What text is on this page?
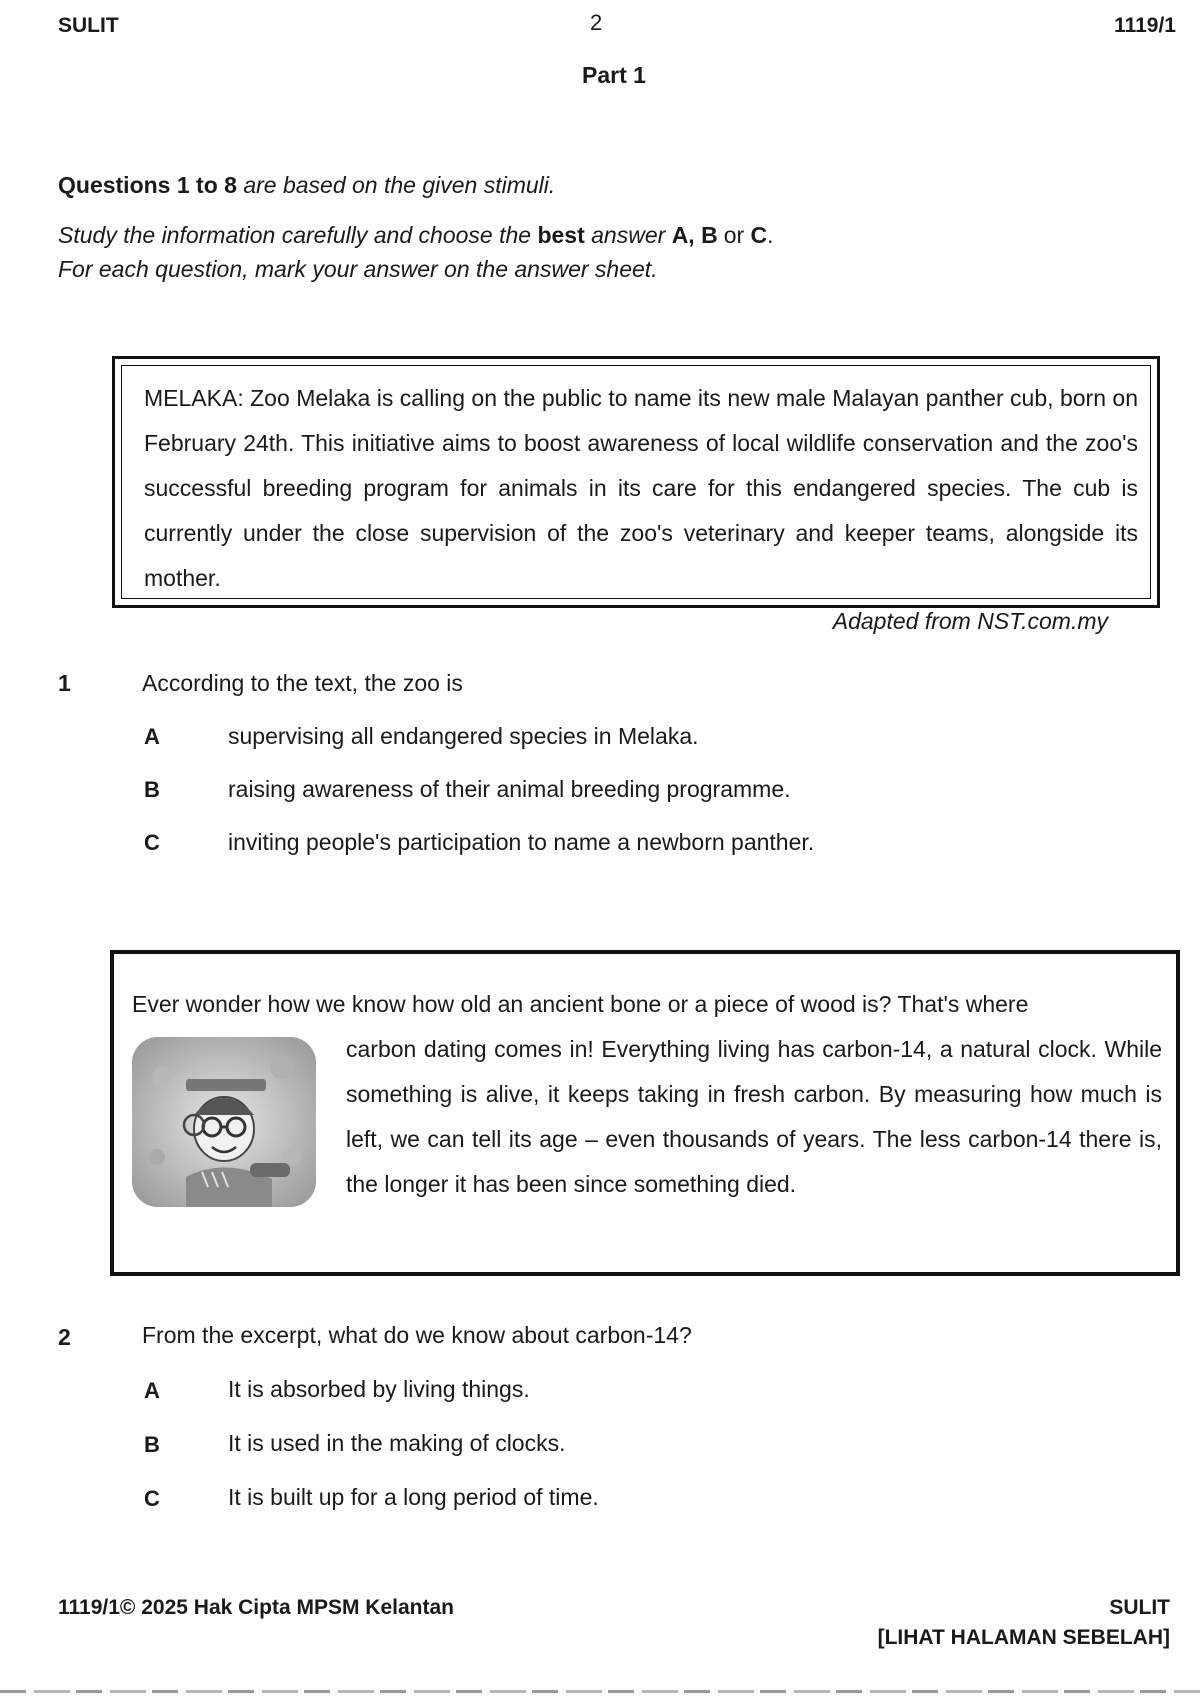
SULIT	2	1119/1
Part 1
Questions 1 to 8 are based on the given stimuli.
Study the information carefully and choose the best answer A, B or C.
For each question, mark your answer on the answer sheet.
MELAKA: Zoo Melaka is calling on the public to name its new male Malayan panther cub, born on February 24th. This initiative aims to boost awareness of local wildlife conservation and the zoo's successful breeding program for animals in its care for this endangered species. The cub is currently under the close supervision of the zoo's veterinary and keeper teams, alongside its mother.
Adapted from NST.com.my
1	According to the text, the zoo is
A	supervising all endangered species in Melaka.
B	raising awareness of their animal breeding programme.
C	inviting people's participation to name a newborn panther.
Ever wonder how we know how old an ancient bone or a piece of wood is? That's where
carbon dating comes in! Everything living has carbon-14, a natural clock. While something is alive, it keeps taking in fresh carbon. By measuring how much is left, we can tell its age – even thousands of years. The less carbon-14 there is, the longer it has been since something died.
2	From the excerpt, what do we know about carbon-14?
A	It is absorbed by living things.
B	It is used in the making of clocks.
C	It is built up for a long period of time.
1119/1© 2025 Hak Cipta MPSM Kelantan	SULIT
[LIHAT HALAMAN SEBELAH]
